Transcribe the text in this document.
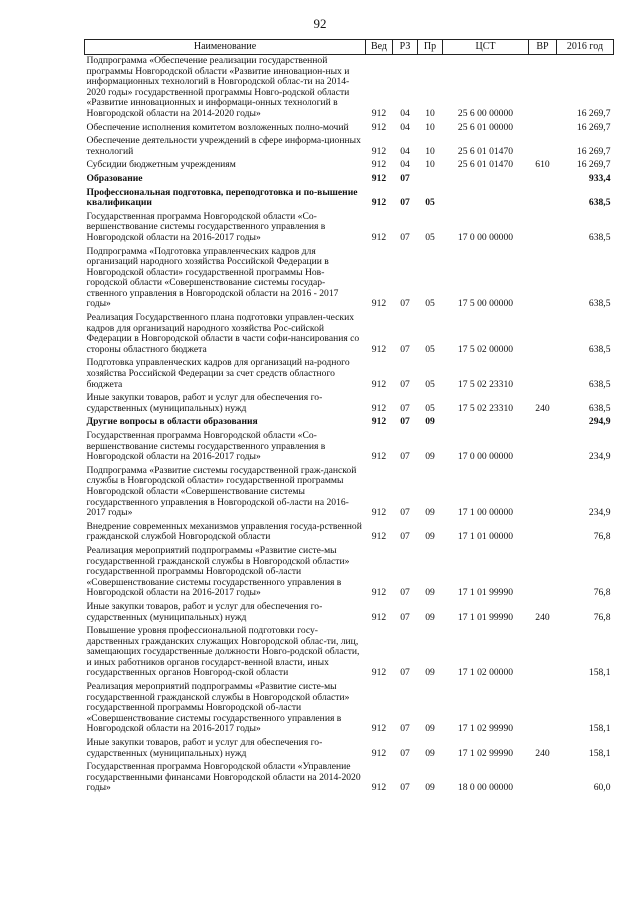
92
Наименование	Вед	РЗ	Пр	ЦСТ	ВР	2016 год
Подпрограмма «Обеспечение реализации государственной программы Новгородской области «Развитие инновацион-ных и информационных технологий в Новгородской облас-ти на 2014-2020 годы» государственной программы Новго-родской области «Развитие инновационных и информаци-онных технологий в Новгородской области на 2014-2020 годы»	912	04	10	25 6 00 00000		16 269,7
Обеспечение исполнения комитетом возложенных полно-мочий	912	04	10	25 6 01 00000		16 269,7
Обеспечение деятельности учреждений в сфере информа-ционных технологий	912	04	10	25 6 01 01470		16 269,7
Субсидии бюджетным учреждениям	912	04	10	25 6 01 01470	610	16 269,7
Образование	912	07				933,4
Профессиональная подготовка, переподготовка и по-вышение квалификации	912	07	05			638,5
Государственная программа Новгородской области «Со-вершенствование системы государственного управления в Новгородской области на 2016-2017 годы»	912	07	05	17 0 00 00000		638,5
Подпрограмма «Подготовка управленческих кадров для организаций народного хозяйства Российской Федерации в Новгородской области» государственной программы Нов-городской области «Совершенствование системы государ-ственного управления в Новгородской области на 2016 - 2017 годы»	912	07	05	17 5 00 00000		638,5
Реализация Государственного плана подготовки управлен-ческих кадров для организаций народного хозяйства Рос-сийской Федерации в Новгородской области в части софи-нансирования со стороны областного бюджета	912	07	05	17 5 02 00000		638,5
Подготовка управленческих кадров для организаций на-родного хозяйства Российской Федерации за счет средств областного бюджета	912	07	05	17 5 02 23310		638,5
Иные закупки товаров, работ и услуг для обеспечения го-сударственных (муниципальных) нужд	912	07	05	17 5 02 23310	240	638,5
Другие вопросы в области образования	912	07	09			294,9
Государственная программа Новгородской области «Со-вершенствование системы государственного управления в Новгородской области на 2016-2017 годы»	912	07	09	17 0 00 00000		234,9
Подпрограмма «Развитие системы государственной граж-данской службы в Новгородской области» государственной программы Новгородской области «Совершенствование системы государственного управления в Новгородской об-ласти на 2016-2017 годы»	912	07	09	17 1 00 00000		234,9
Внедрение современных механизмов управления госуда-рственной гражданской службой Новгородской области	912	07	09	17 1 01 00000		76,8
Реализация мероприятий подпрограммы «Развитие систе-мы государственной гражданской службы в Новгородской области» государственной программы Новгородской об-ласти «Совершенствование системы государственного управления в Новгородской области на 2016-2017 годы»	912	07	09	17 1 01 99990		76,8
Иные закупки товаров, работ и услуг для обеспечения го-сударственных (муниципальных) нужд	912	07	09	17 1 01 99990	240	76,8
Повышение уровня профессиональной подготовки госу-дарственных гражданских служащих Новгородской облас-ти, лиц, замещающих государственные должности Новго-родской области, и иных работников органов государст-венной власти, иных государственных органов Новгород-ской области	912	07	09	17 1 02 00000		158,1
Реализация мероприятий подпрограммы «Развитие систе-мы государственной гражданской службы в Новгородской области» государственной программы Новгородской об-ласти «Совершенствование системы государственного управления в Новгородской области на 2016-2017 годы»	912	07	09	17 1 02 99990		158,1
Иные закупки товаров, работ и услуг для обеспечения го-сударственных (муниципальных) нужд	912	07	09	17 1 02 99990	240	158,1
Государственная программа Новгородской области «Управление государственными финансами Новгородской области на 2014-2020 годы»	912	07	09	18 0 00 00000		60,0
